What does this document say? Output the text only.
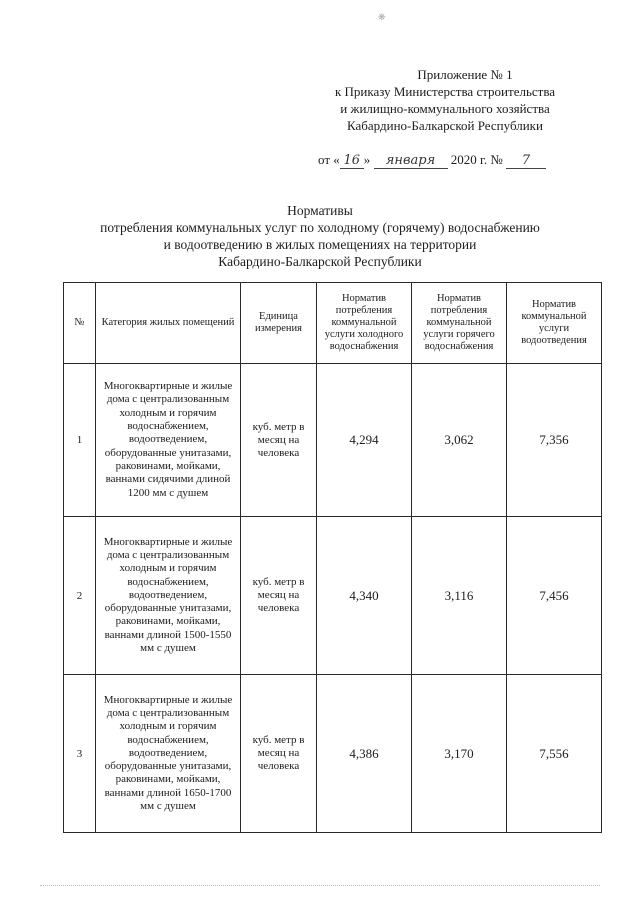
❋
Приложение № 1
к Приказу Министерства строительства
и жилищно-коммунального хозяйства
Кабардино-Балкарской Республики
от « 16 » января 2020 г. № 7
Нормативы
потребления коммунальных услуг по холодному (горячему) водоснабжению
и водоотведению в жилых помещениях на территории
Кабардино-Балкарской Республики
№	Категория жилых помещений	Единица измерения	Норматив потребления коммунальной услуги холодного водоснабжения	Норматив потребления коммунальной услуги горячего водоснабжения	Норматив коммунальной услуги водоотведения
1	Многоквартирные и жилые дома с централизованным холодным и горячим водоснабжением, водоотведением, оборудованные унитазами, раковинами, мойками, ваннами сидячими длиной 1200 мм с душем	куб. метр в месяц на человека	4,294	3,062	7,356
2	Многоквартирные и жилые дома с централизованным холодным и горячим водоснабжением, водоотведением, оборудованные унитазами, раковинами, мойками, ваннами длиной 1500-1550 мм с душем	куб. метр в месяц на человека	4,340	3,116	7,456
3	Многоквартирные и жилые дома с централизованным холодным и горячим водоснабжением, водоотведением, оборудованные унитазами, раковинами, мойками, ваннами длиной 1650-1700 мм с душем	куб. метр в месяц на человека	4,386	3,170	7,556
